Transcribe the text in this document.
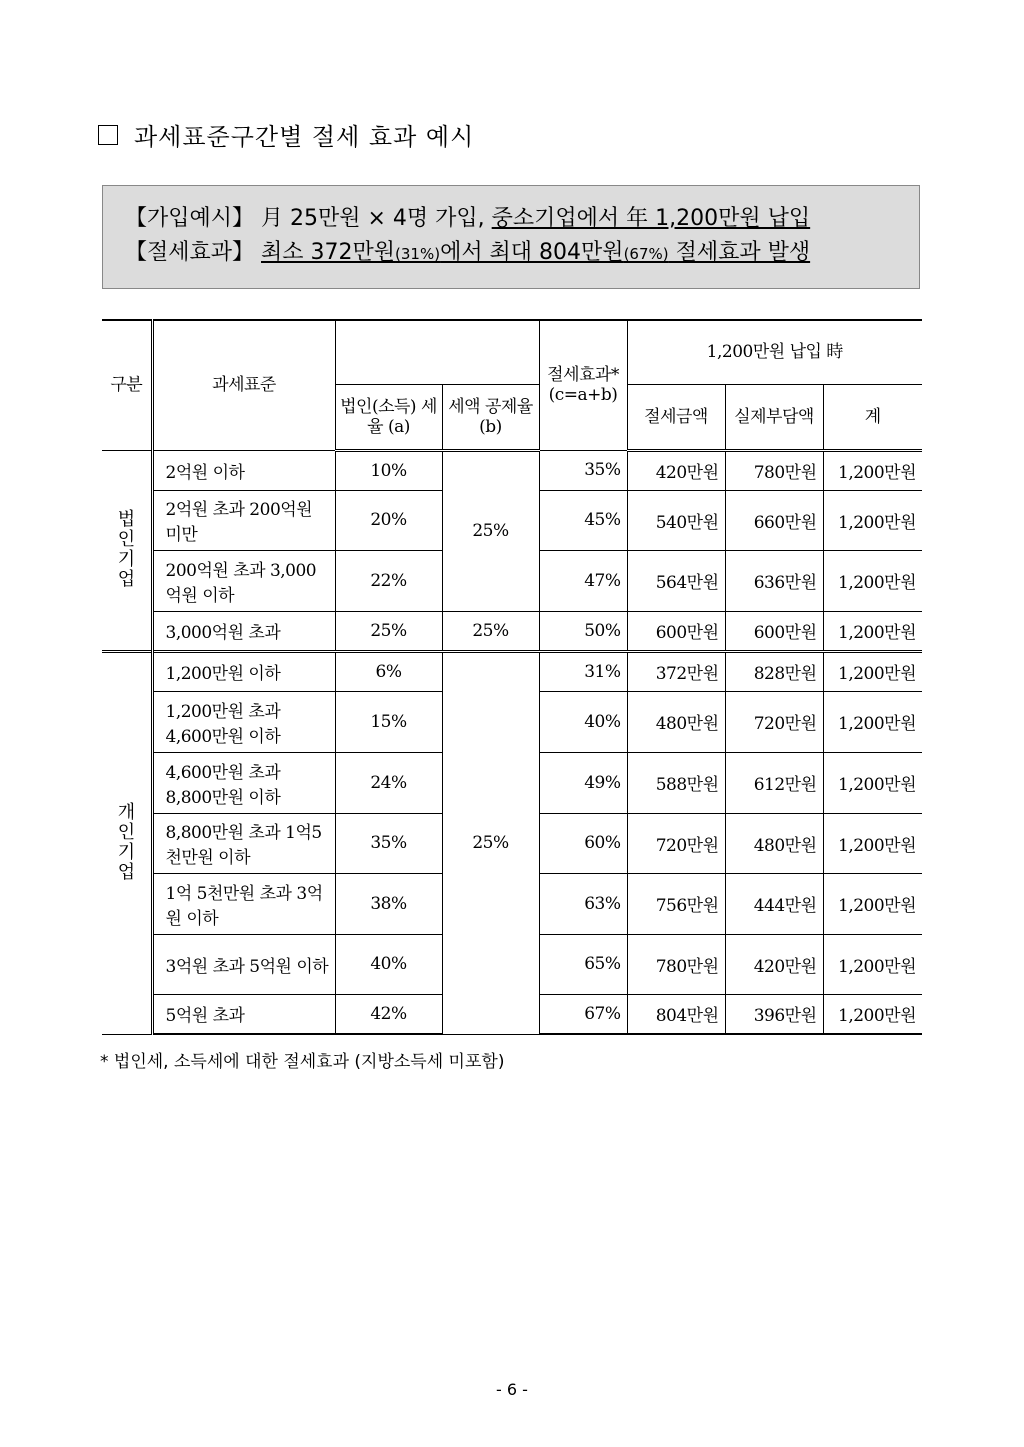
과세표준구간별 절세 효과 예시
【가입예시】 月 25만원 × 4명 가입, 중소기업에서 年 1,200만원 납입
【절세효과】 최소 372만원(31%)에서 최대 804만원(67%) 절세효과 발생
구분	과세표준			절세효과* (c=a+b)	1,200만원 납입 時		
		법인(소득) 세율 (a)	세액 공제율 (b)		절세금액	실제부담액	계

법
인
기
업	2억원 이하	10%	25%	35%	420만원	780만원	1,200만원
	2억원 초과 200억원 미만	20%		45%	540만원	660만원	1,200만원
	200억원 초과 3,000억원 이하	22%		47%	564만원	636만원	1,200만원
	3,000억원 초과	25%	25%	50%	600만원	600만원	1,200만원

개
인
기
업	1,200만원 이하	6%	25%	31%	372만원	828만원	1,200만원
	1,200만원 초과 4,600만원 이하	15%		40%	480만원	720만원	1,200만원
	4,600만원 초과 8,800만원 이하	24%		49%	588만원	612만원	1,200만원
	8,800만원 초과 1억5천만원 이하	35%		60%	720만원	480만원	1,200만원
	1억 5천만원 초과 3억원 이하	38%		63%	756만원	444만원	1,200만원
	3억원 초과 5억원 이하	40%		65%	780만원	420만원	1,200만원
	5억원 초과	42%		67%	804만원	396만원	1,200만원
* 법인세, 소득세에 대한 절세효과 (지방소득세 미포함)
- 6 -
